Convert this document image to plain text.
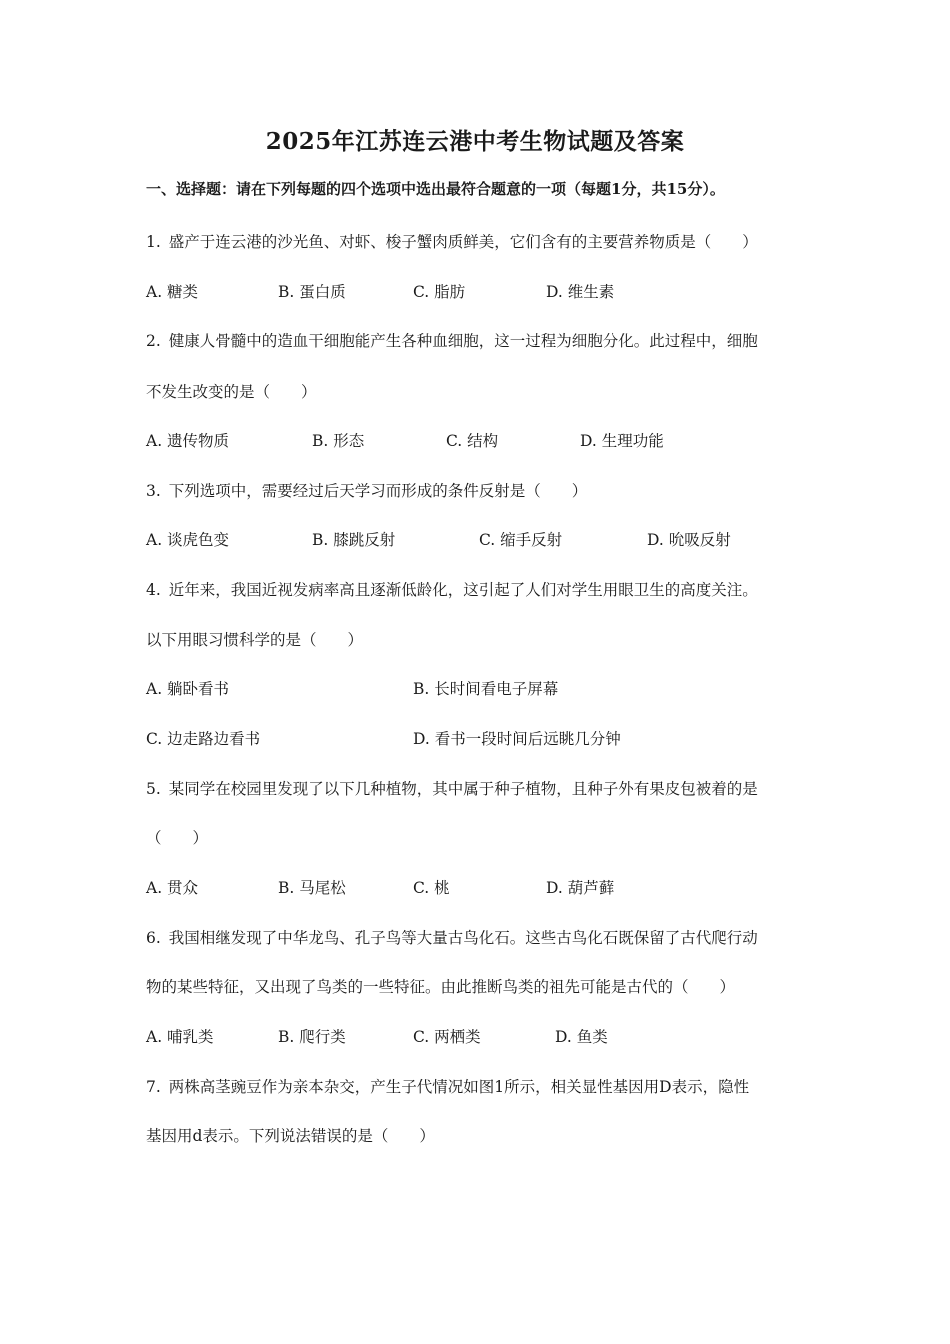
2025年江苏连云港中考生物试题及答案
一、选择题：请在下列每题的四个选项中选出最符合题意的一项（每题1分，共15分）。
1. 盛产于连云港的沙光鱼、对虾、梭子蟹肉质鲜美，它们含有的主要营养物质是（　　）
A. 糖类	B. 蛋白质	C. 脂肪	D. 维生素
2. 健康人骨髓中的造血干细胞能产生各种血细胞，这一过程为细胞分化。此过程中，细胞
不发生改变的是（　　）
A. 遗传物质	B. 形态	C. 结构	D. 生理功能
3. 下列选项中，需要经过后天学习而形成的条件反射是（　　）
A. 谈虎色变	B. 膝跳反射	C. 缩手反射	D. 吮吸反射
4. 近年来，我国近视发病率高且逐渐低龄化，这引起了人们对学生用眼卫生的高度关注。
以下用眼习惯科学的是（　　）
A. 躺卧看书	B. 长时间看电子屏幕
C. 边走路边看书	D. 看书一段时间后远眺几分钟
5. 某同学在校园里发现了以下几种植物，其中属于种子植物，且种子外有果皮包被着的是
（　　）
A. 贯众	B. 马尾松	C. 桃	D. 葫芦藓
6. 我国相继发现了中华龙鸟、孔子鸟等大量古鸟化石。这些古鸟化石既保留了古代爬行动
物的某些特征，又出现了鸟类的一些特征。由此推断鸟类的祖先可能是古代的（　　）
A. 哺乳类	B. 爬行类	C. 两栖类	D. 鱼类
7. 两株高茎豌豆作为亲本杂交，产生子代情况如图1所示，相关显性基因用D表示，隐性
基因用d表示。下列说法错误的是（　　）
